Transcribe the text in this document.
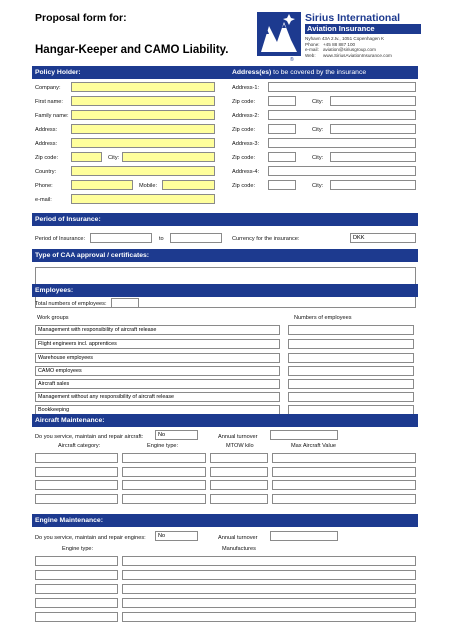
Proposal form for:
Hangar-Keeper and CAMO Liability.
®
Sirius International
Aviation Insurance
Nyhavn 43A 2.tv., 1051 Copenhagen K
Phone: +45 88 887 100
e-mail: aviation@siriusgroup.com
Web: www.SiriusAviationInsurance.com
Policy Holder:	Address(es) to be covered by the insurance
Company:
First name:
Family name:
Address:
Address:
Zip code:	City:
Country:
Phone:	Mobile:
e-mail:
Address-1:
Zip code:	City:
Address-2:
Zip code:	City:
Address-3:
Zip code:	City:
Address-4:
Zip code:	City:
Period of Insurance:
Period of Insurance:	to	Currency for the insurance:	DKK
Type of CAA approval / certificates:
Employees:
Total numbers of employees:
Work groups	Numbers of employees
Management with responsibility of aircraft release
Flight engineers incl. apprentices
Warehouse employees
CAMO employees
Aircraft sales
Management without any responsibility of aircraft release
Bookkeeping
Aircraft Maintenance:
Do you service, maintain and repair aircraft:	No	Annual turnover
Aircraft category:	Engine type:	MTOW kilo	Max Aircraft Value
Engine Maintenance:
Do you service, maintain and repair engines:	No	Annual turnover
Engine type:	Manufactures
